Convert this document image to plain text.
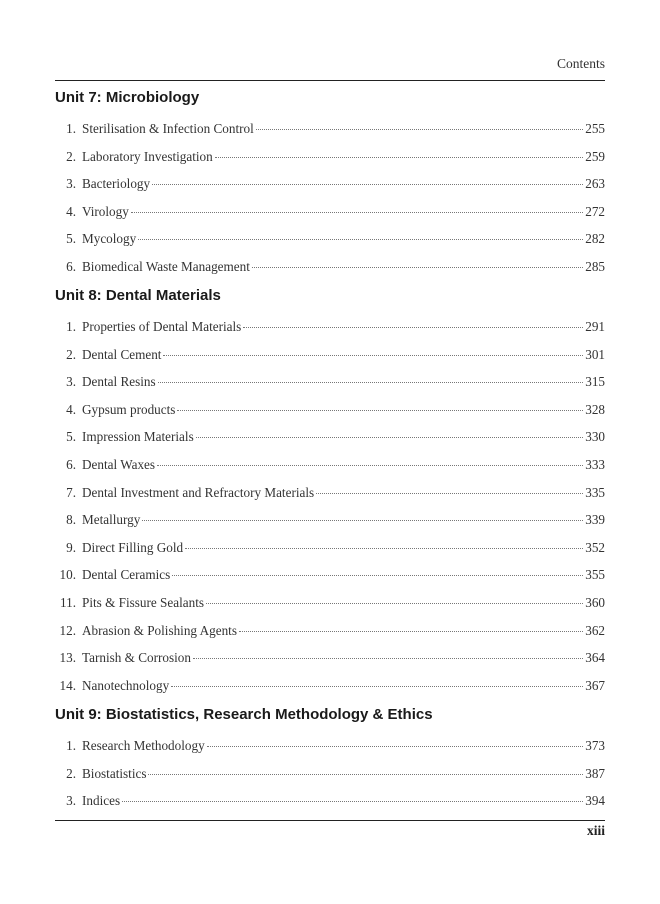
Contents
Unit 7: Microbiology
1. Sterilisation & Infection Control	255
2. Laboratory Investigation	259
3. Bacteriology	263
4. Virology	272
5. Mycology	282
6. Biomedical Waste Management	285
Unit 8: Dental Materials
1. Properties of Dental Materials	291
2. Dental Cement	301
3. Dental Resins	315
4. Gypsum products	328
5. Impression Materials	330
6. Dental Waxes	333
7. Dental Investment and Refractory Materials	335
8. Metallurgy	339
9. Direct Filling Gold	352
10. Dental Ceramics	355
11. Pits & Fissure Sealants	360
12. Abrasion & Polishing Agents	362
13. Tarnish & Corrosion	364
14. Nanotechnology	367
Unit 9: Biostatistics, Research Methodology & Ethics
1. Research Methodology	373
2. Biostatistics	387
3. Indices	394
xiii
